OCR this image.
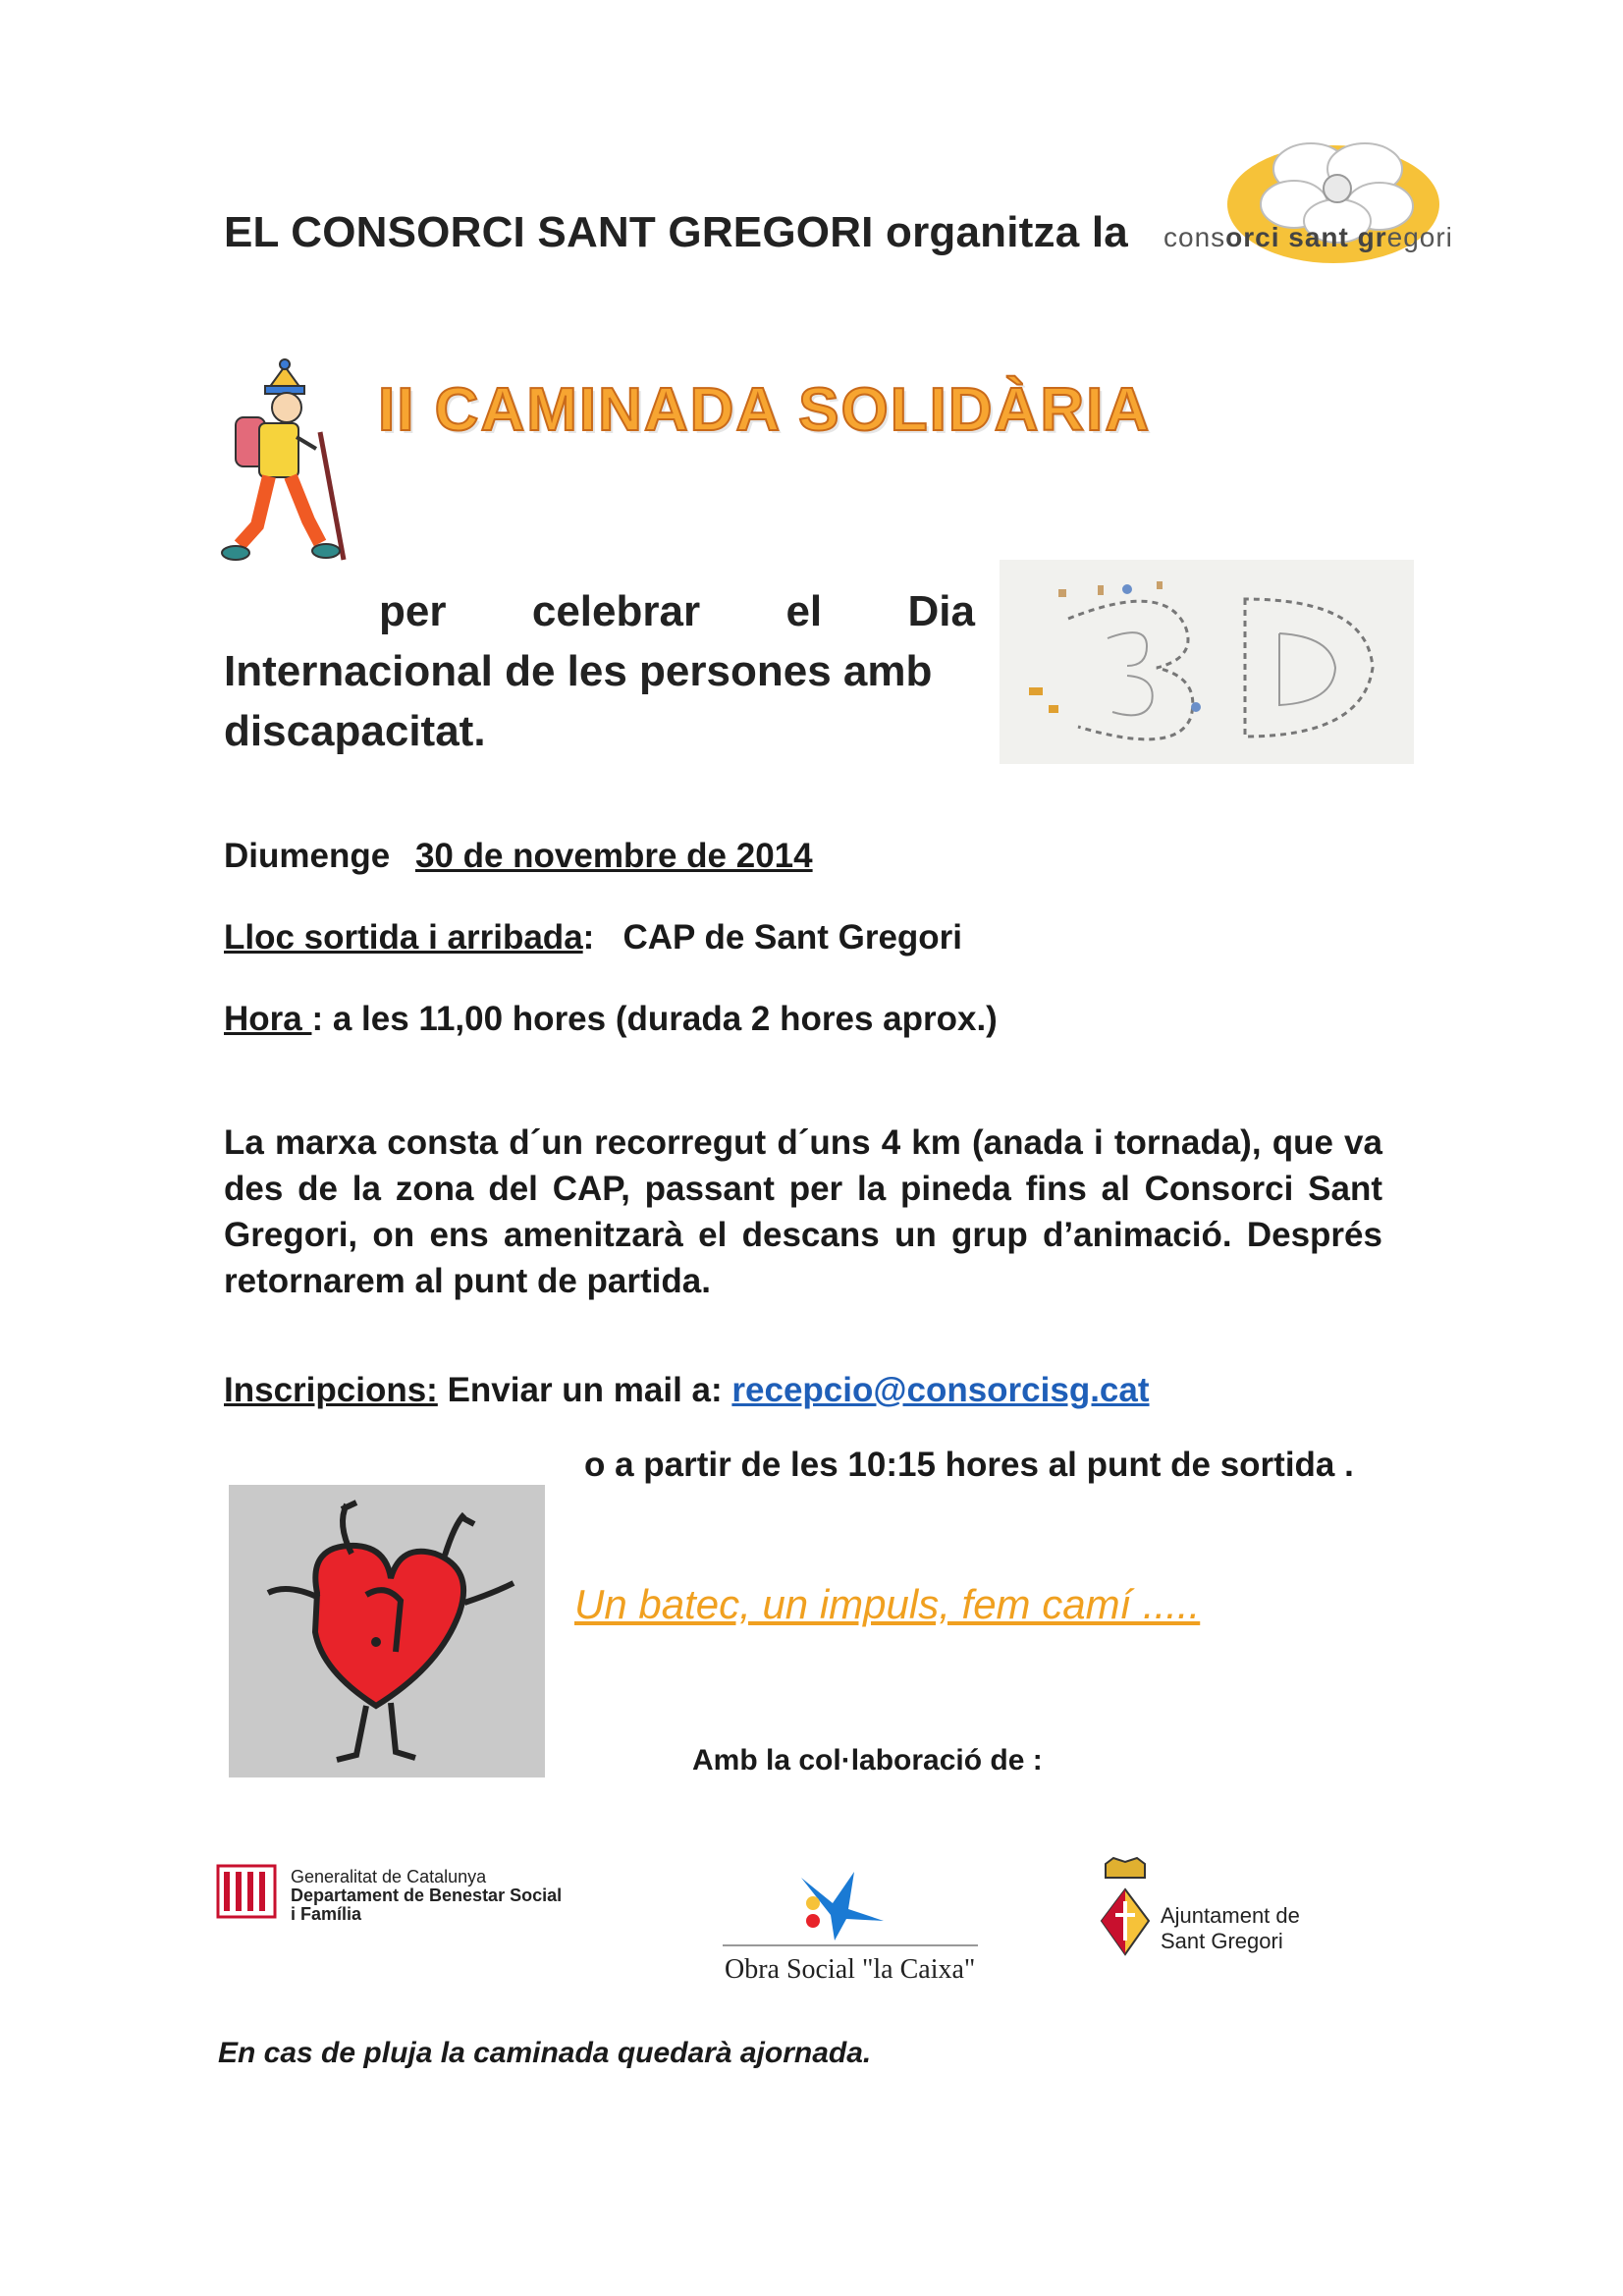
EL CONSORCI SANT GREGORI organitza la consorci sant gregori
II CAMINADA SOLIDÀRIA
per celebrar el Dia
Internacional de les persones amb
discapacitat.
Diumenge 30 de novembre de 2014
Lloc sortida i arribada:   CAP de Sant Gregori
Hora : a les 11,00 hores (durada 2 hores aprox.)
La marxa consta d´un recorregut d´uns 4 km (anada i tornada), que va des de la zona del CAP, passant per la pineda fins al Consorci Sant Gregori, on ens amenitzarà el descans un grup d’animació. Després retornarem al punt de partida.
Inscripcions: Enviar un mail a: recepcio@consorcisg.cat
o a partir de les 10:15 hores al punt de sortida .
Un batec, un impuls, fem camí .....
Amb la col·laboració de :
Generalitat de Catalunya
Departament de Benestar Social
i Família
Obra Social "la Caixa"
Ajuntament de
Sant Gregori
En cas de pluja la caminada quedarà ajornada.
